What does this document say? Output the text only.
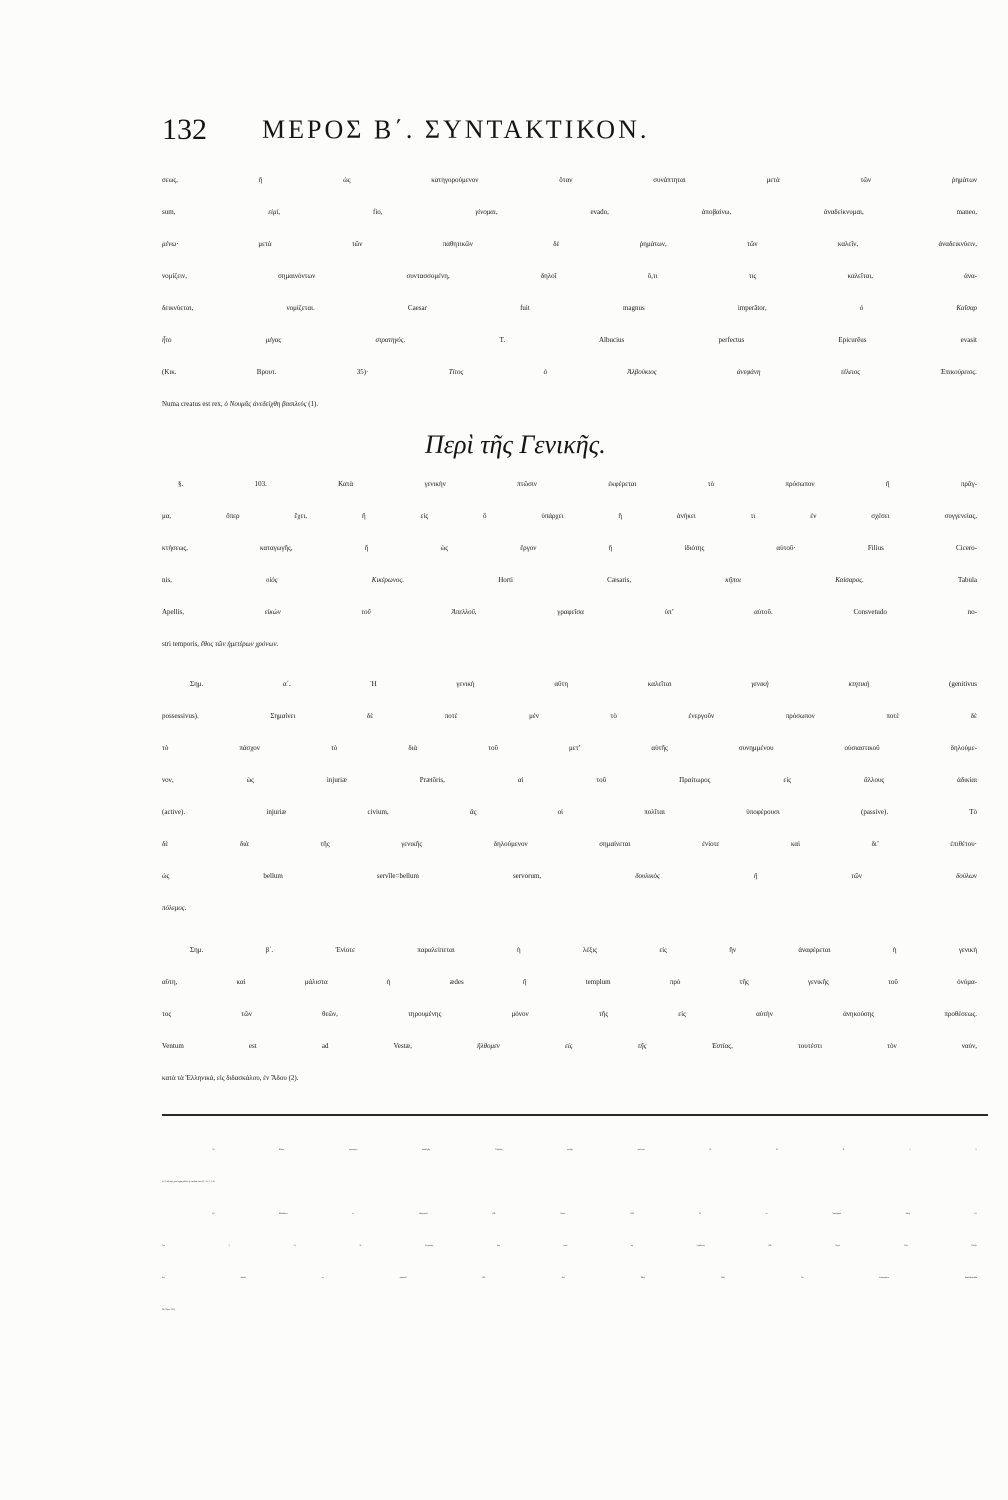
132 ΜΕΡΟΣ Β΄. ΣΥΝΤΑΚΤΙΚΟΝ.
σεως, ἢ ὡς κατηγορούμενον ὅταν συνάπτηται μετὰ τῶν ῥημάτων
sum, εἰμί, fio, γίνομαι, evado, ἀποβαίνω, ἀναδείκνυμαι, maneo,
μένω· μετὰ τῶν παθητικῶν δὲ ῥημάτων, τῶν καλεῖν, ἀναδεικνύειν,
νομίζειν, σημαινόντων συντασσομένη, δηλοῖ ὅ,τι τις καλεῖται, ἀνα-
δεικνύεται, νομίζεται. Caesar fuit magnus imperātor, ὁ Καῖσαρ
ἦτο μέγας στρατηγός. T. Albucius perfectus Epicurēus evasit
(Κικ. Βρουτ. 35)· Τίτος ὁ Ἀλβούκιος ἀνεφάνη τέλειος Ἐπικούρειος.
Numa creatus est rex, ὁ Νουμᾶς ἀνεδείχθη βασιλεύς (1).
Περὶ τῆς Γενικῆς.
§. 103. Κατὰ γενικὴν πτῶσιν ἐκφέρεται τὸ πρόσωπον ἢ πρᾶγ-
μα, ὅπερ ἔχει, ἢ εἰς ὃ ὑπάρχει ἢ ἀνήκει τι ἐν σχέσει συγγενείας,
κτήσεως, καταγωγῆς, ἢ ὡς ἔργον ἢ ἰδιότης αὐτοῦ· Filius Cicero-
nis, υἱὸς Κικέρωνος. Horti Cæsaris, κῆποι Καίσαρος. Tabula
Apellis, εἰκὼν τοῦ Ἀπελλοῦ, γραφεῖσα ὑπ’ αὐτοῦ. Consvetudo no-
stri temporis, ἔθος τῶν ἡμετέρων χρόνων.
Σημ. α΄. Ἡ γενικὴ αὕτη καλεῖται γενικὴ κτητικὴ (genitivus
possessivus). Σημαίνει δὲ ποτὲ μὲν τὸ ἐνεργοῦν πρόσωπον ποτὲ δὲ
τὸ πάσχον τὸ διὰ τοῦ μετ’ αὐτῆς συνημμένου οὐσιαστικοῦ δηλούμε-
νον, ὡς injuriæ Prætōris, αἱ τοῦ Πραίτωρος εἰς ἄλλους ἀδικίαι
(active). injuriæ civium, ἃς οἱ πολῖται ὑποφέρουσι (passive). Τὸ
δὲ διὰ τῆς γενικῆς δηλούμενον σημαίνεται ἐνίοτε καὶ δι’ ἐπιθέτου·
ὡς bellum servīle=bellum servorum, δουλικὸς ἢ τῶν δούλων
πόλεμος.
Σημ. β΄. Ἐνίοτε παραλείπεται ἡ λέξις εἰς ἣν ἀναφέρεται ἡ γενικὴ
αὕτη, καὶ μάλιστα ἡ ædes ἢ templum πρὸ τῆς γενικῆς τοῦ ὀνόμα-
τος τῶν θεῶν, τηρουμένης μόνον τῆς εἰς αὐτὴν ἀνηκούσης προθέσεως.
Ventum est ad Vestæ, ἤλθομεν εἰς τῆς Ἑστίας, τουτέστι τὸν ναόν,
κατὰ τὰ Ἑλληνικά, εἰς διδασκάλου, ἐν Ἅδου (2).
(1) Κῦρος στρατηγὸς ἀπεδείχθη. Γωβρύας ψευδὴς φαίνεται (Ξ. Κ. Π. 5, 2,
4). Ὁ ἀδελφός μου ζημία μᾶλλον ἢ ὠφέλειά ἐστιν (Ξ. Ἀπ. 2, 3, 4).
(2) Μανθάνειν ἐν κιθαριστοῦ (Πλ. Θεαιτ. 206). Τὸ ἐν Ἀσκληπιοῦ ὕδωρ (Ξ.
Ἀπ. 3, 13, 3). Σωκράτης ἔφη ἰέναι εἰς Ἀγάθωνος (Πλ. Συμπ. 174). Εἰσῆλ-
θον οἴκαδε εἰς ἐμαυτοῦ (Πλ. Ἱππ. Μείζ. 304). Ἐκ διδασκάλων ἀπαλλάττεσθαι
Πλ. Πρωτ. 325).
